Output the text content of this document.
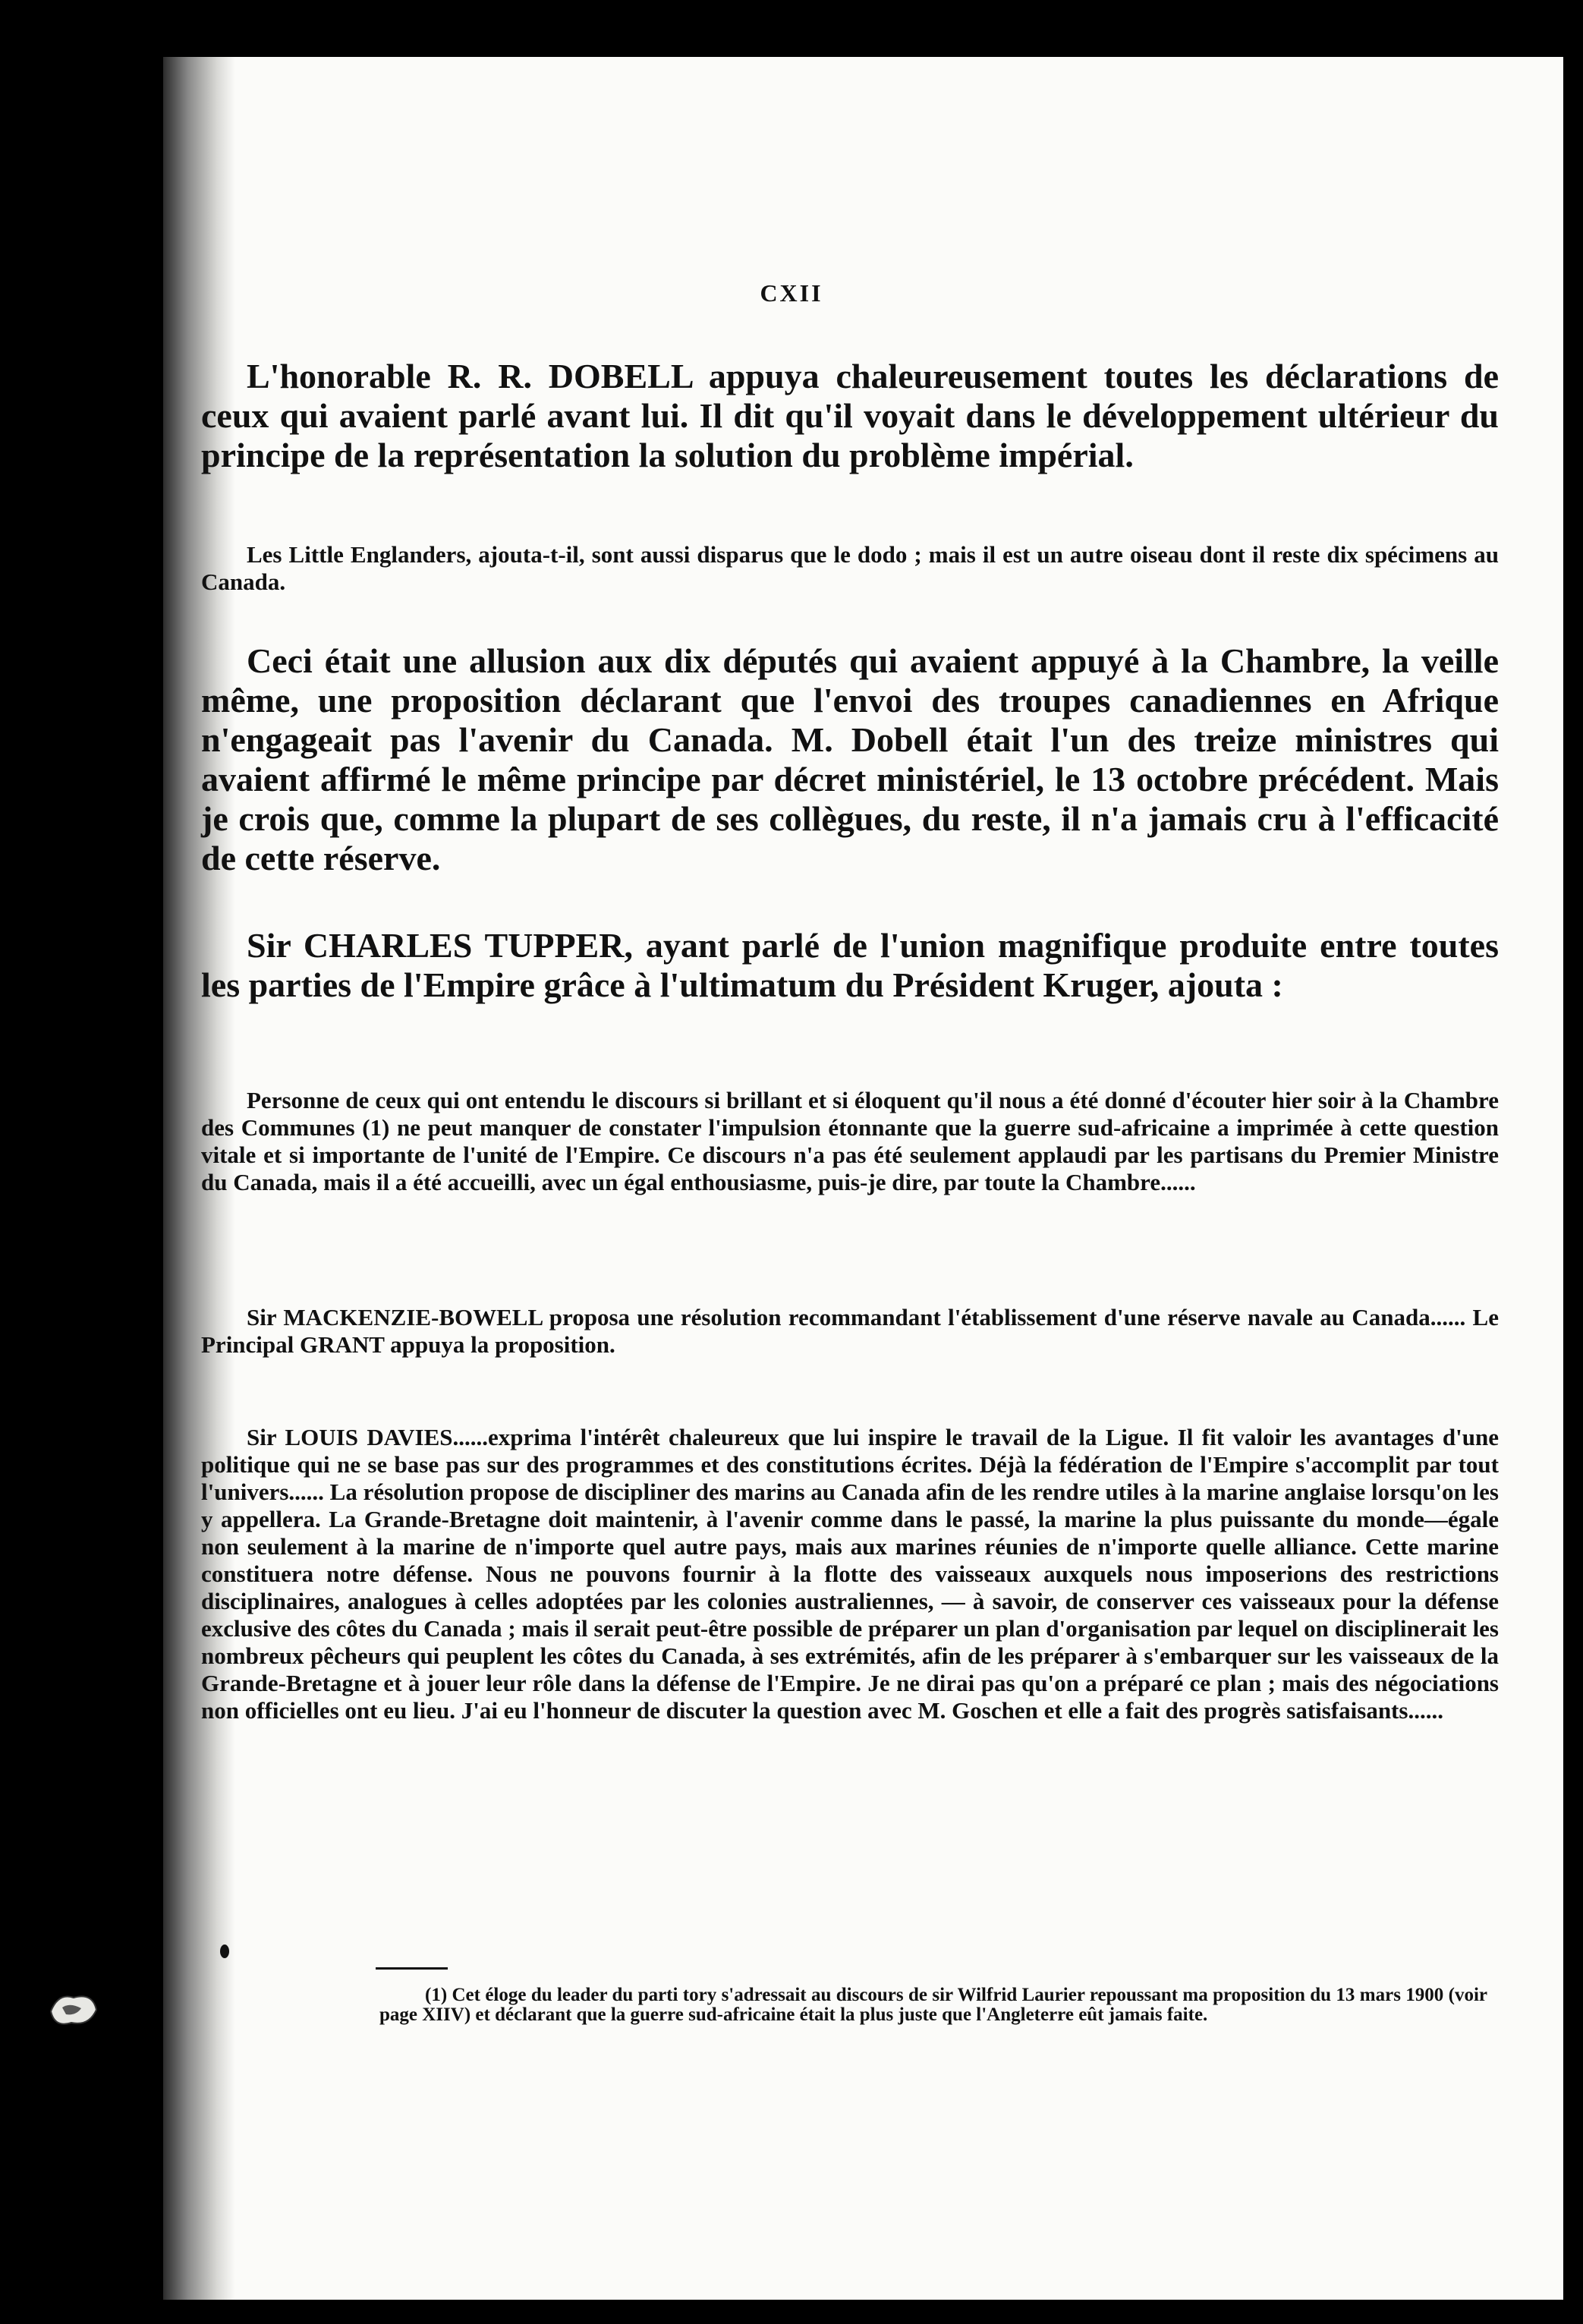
CXII

L'honorable R. R. DOBELL appuya chaleureusement toutes les déclarations de ceux qui avaient parlé avant lui. Il dit qu'il voyait dans le développement ultérieur du principe de la représentation la solution du problème impérial.

Les Little Englanders, ajouta-t-il, sont aussi disparus que le dodo ; mais il est un autre oiseau dont il reste dix spécimens au Canada.

Ceci était une allusion aux dix députés qui avaient appuyé à la Chambre, la veille même, une proposition déclarant que l'envoi des troupes canadiennes en Afrique n'engageait pas l'avenir du Canada. M. Dobell était l'un des treize ministres qui avaient affirmé le même principe par décret ministériel, le 13 octobre précédent. Mais je crois que, comme la plupart de ses collègues, du reste, il n'a jamais cru à l'efficacité de cette réserve.

Sir CHARLES TUPPER, ayant parlé de l'union magnifique produite entre toutes les parties de l'Empire grâce à l'ultimatum du Président Kruger, ajouta :

Personne de ceux qui ont entendu le discours si brillant et si éloquent qu'il nous a été donné d'écouter hier soir à la Chambre des Communes (1) ne peut manquer de constater l'impulsion étonnante que la guerre sud-africaine a imprimée à cette question vitale et si importante de l'unité de l'Empire. Ce discours n'a pas été seulement applaudi par les partisans du Premier Ministre du Canada, mais il a été accueilli, avec un égal enthousiasme, puis-je dire, par toute la Chambre......

Sir MACKENZIE-BOWELL proposa une résolution recommandant l'établissement d'une réserve navale au Canada...... Le Principal GRANT appuya la proposition.

Sir LOUIS DAVIES......exprima l'intérêt chaleureux que lui inspire le travail de la Ligue. Il fit valoir les avantages d'une politique qui ne se base pas sur des programmes et des constitutions écrites. Déjà la fédération de l'Empire s'accomplit par tout l'univers...... La résolution propose de discipliner des marins au Canada afin de les rendre utiles à la marine anglaise lorsqu'on les y appellera. La Grande-Bretagne doit maintenir, à l'avenir comme dans le passé, la marine la plus puissante du monde—égale non seulement à la marine de n'importe quel autre pays, mais aux marines réunies de n'importe quelle alliance. Cette marine constituera notre défense. Nous ne pouvons fournir à la flotte des vaisseaux auxquels nous imposerions des restrictions disciplinaires, analogues à celles adoptées par les colonies australiennes, — à savoir, de conserver ces vaisseaux pour la défense exclusive des côtes du Canada ; mais il serait peut-être possible de préparer un plan d'organisation par lequel on disciplinerait les nombreux pêcheurs qui peuplent les côtes du Canada, à ses extrémités, afin de les préparer à s'embarquer sur les vaisseaux de la Grande-Bretagne et à jouer leur rôle dans la défense de l'Empire. Je ne dirai pas qu'on a préparé ce plan ; mais des négociations non officielles ont eu lieu. J'ai eu l'honneur de discuter la question avec M. Goschen et elle a fait des progrès satisfaisants......

(1) Cet éloge du leader du parti tory s'adressait au discours de sir Wilfrid Laurier repoussant ma proposition du 13 mars 1900 (voir page XIIV) et déclarant que la guerre sud-africaine était la plus juste que l'Angleterre eût jamais faite.
